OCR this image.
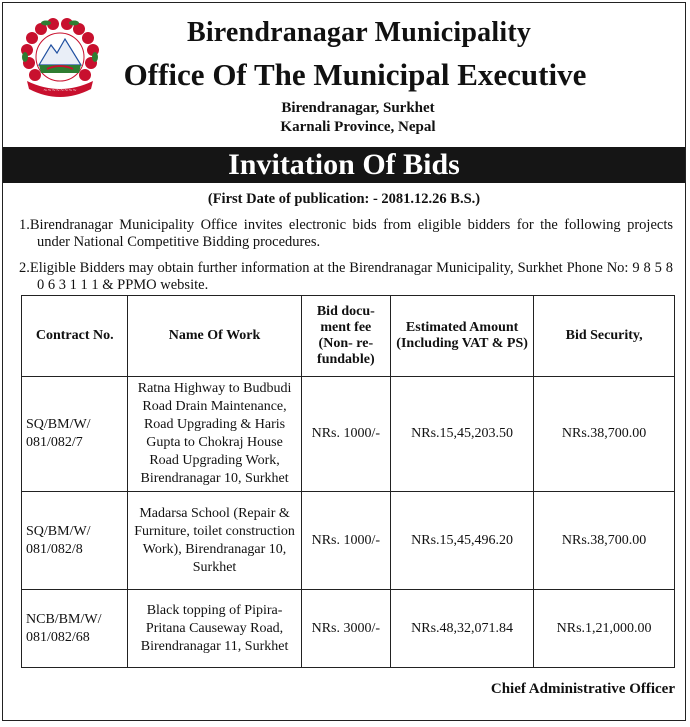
~~~~~~~~
Birendranagar Municipality
Office Of The Municipal Executive
Birendranagar, Surkhet
Karnali Province, Nepal
Invitation Of Bids
(First Date of publication: - 2081.12.26 B.S.)
1.Birendranagar Municipality Office invites electronic bids from eligible bidders for the following projects under National Competitive Bidding procedures.
2.Eligible Bidders may obtain further information at the Birendranagar Municipality, Surkhet Phone No: 9 8 5 8 0 6 3 1 1 1 & PPMO website.
Contract No.	Name Of Work	Bid docu-ment fee (Non- re-fundable)	Estimated Amount (Including VAT & PS)	Bid Security,
SQ/BM/W/ 081/082/7	Ratna Highway to Budbudi Road Drain Maintenance, Road Upgrading & Haris Gupta to Chokraj House Road Upgrading Work, Birendranagar 10, Surkhet	NRs. 1000/-	NRs.15,45,203.50	NRs.38,700.00
SQ/BM/W/ 081/082/8	Madarsa School (Repair & Furniture, toilet construction Work), Birendranagar 10, Surkhet	NRs. 1000/-	NRs.15,45,496.20	NRs.38,700.00
NCB/BM/W/ 081/082/68	Black topping of Pipira-Pritana Causeway Road, Birendranagar 11, Surkhet	NRs. 3000/-	NRs.48,32,071.84	NRs.1,21,000.00
Chief Administrative Officer
